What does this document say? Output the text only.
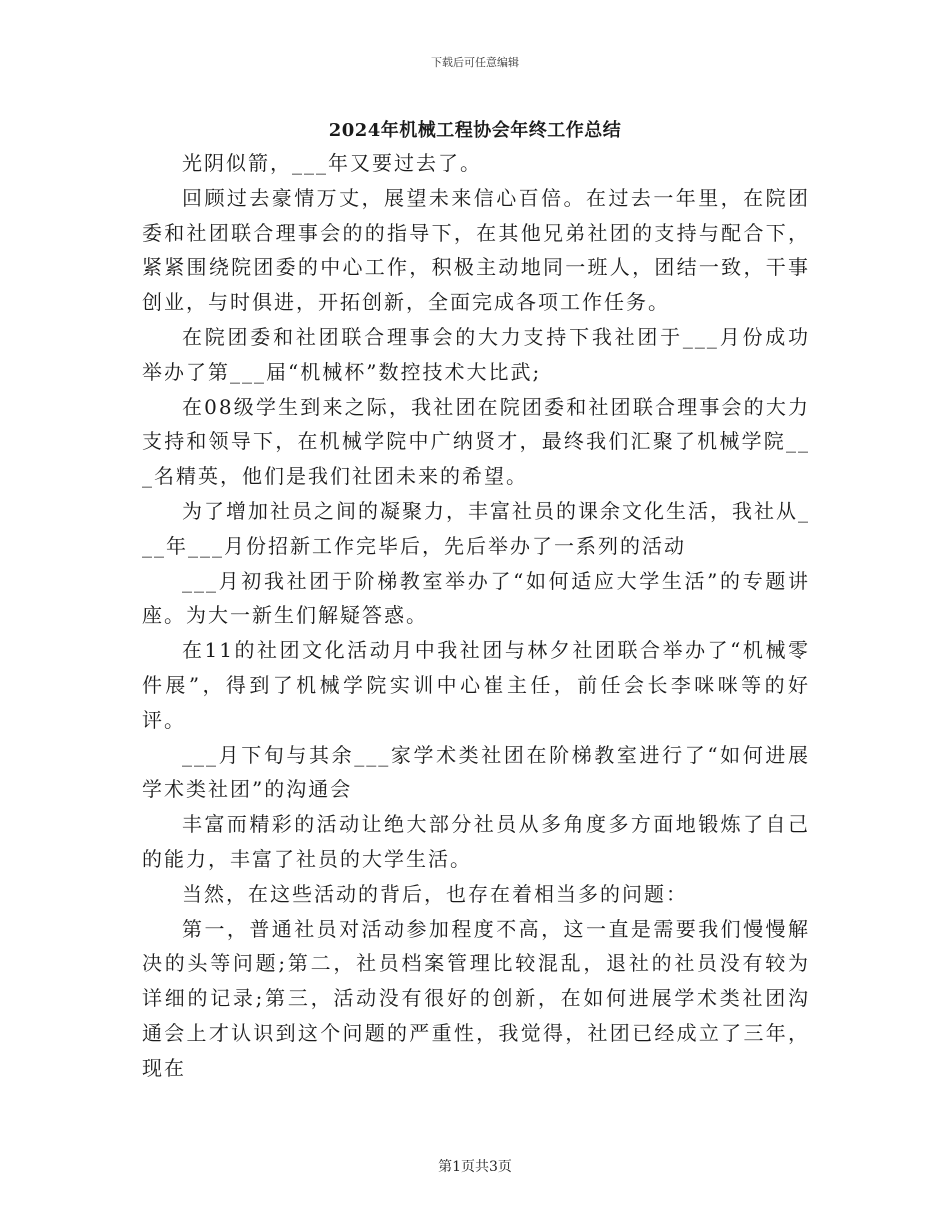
下载后可任意编辑
2024年机械工程协会年终工作总结

光阴似箭，___年又要过去了。

回顾过去豪情万丈，展望未来信心百倍。在过去一年里，在院团委和社团联合理事会的的指导下，在其他兄弟社团的支持与配合下，紧紧围绕院团委的中心工作，积极主动地同一班人，团结一致，干事创业，与时俱进，开拓创新，全面完成各项工作任务。

在院团委和社团联合理事会的大力支持下我社团于___月份成功举办了第___届“机械杯”数控技术大比武;

在08级学生到来之际，我社团在院团委和社团联合理事会的大力支持和领导下，在机械学院中广纳贤才，最终我们汇聚了机械学院___名精英，他们是我们社团未来的希望。

为了增加社员之间的凝聚力，丰富社员的课余文化生活，我社从___年___月份招新工作完毕后，先后举办了一系列的活动

___月初我社团于阶梯教室举办了“如何适应大学生活”的专题讲座。为大一新生们解疑答惑。

在11的社团文化活动月中我社团与林夕社团联合举办了“机械零件展”，得到了机械学院实训中心崔主任，前任会长李咪咪等的好评。

___月下旬与其余___家学术类社团在阶梯教室进行了“如何进展学术类社团”的沟通会

丰富而精彩的活动让绝大部分社员从多角度多方面地锻炼了自己的能力，丰富了社员的大学生活。

当然，在这些活动的背后，也存在着相当多的问题：

第一，普通社员对活动参加程度不高，这一直是需要我们慢慢解决的头等问题;第二，社员档案管理比较混乱，退社的社员没有较为详细的记录;第三，活动没有很好的创新，在如何进展学术类社团沟通会上才认识到这个问题的严重性，我觉得，社团已经成立了三年，现在

第1页共3页
